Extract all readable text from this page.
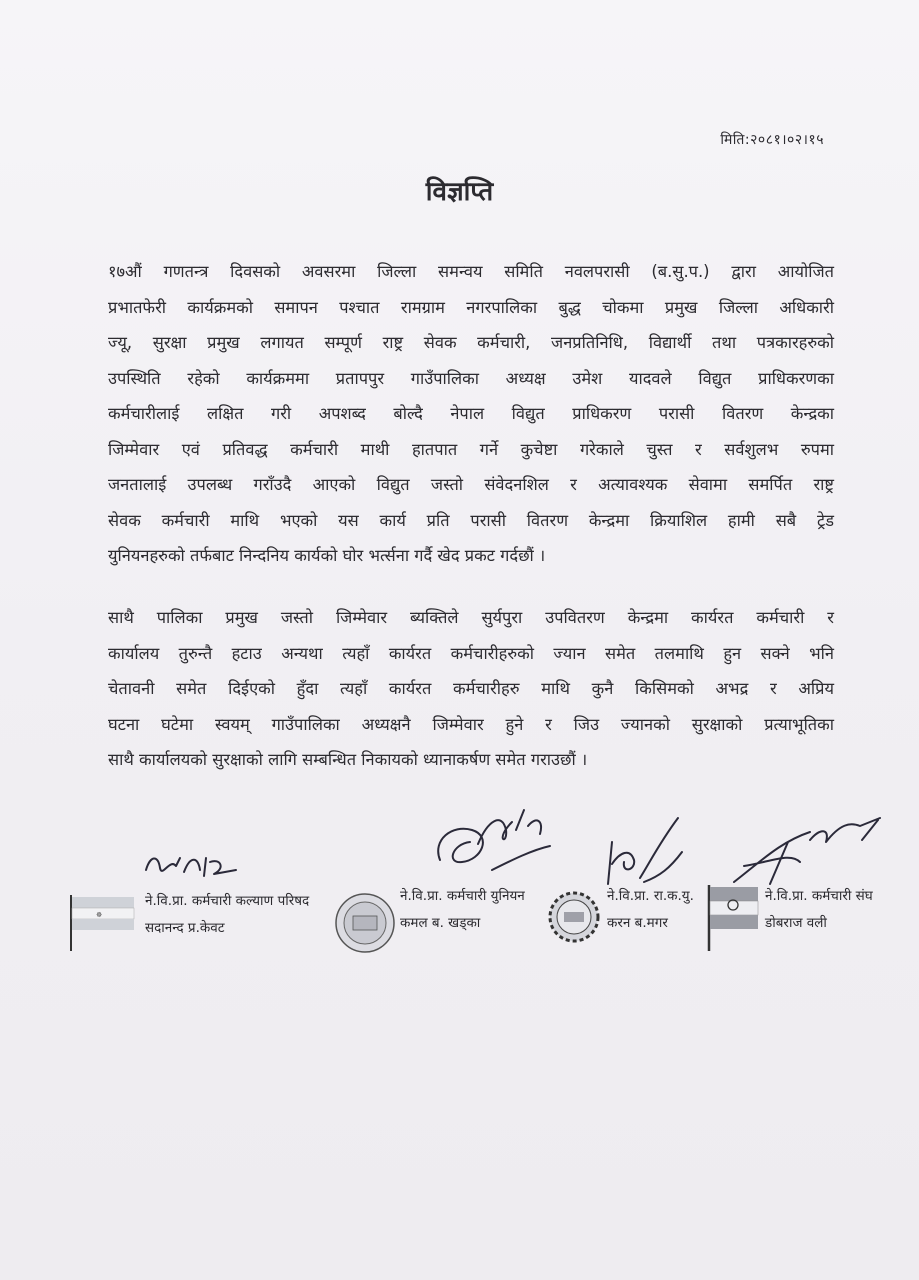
मिति:२०८१।०२।१५
विज्ञप्ति
१७औं गणतन्त्र दिवसको अवसरमा जिल्ला समन्वय समिति नवलपरासी (ब.सु.प.) द्वारा आयोजित
प्रभातफेरी कार्यक्रमको समापन पश्चात रामग्राम नगरपालिका बुद्ध चोकमा प्रमुख जिल्ला अधिकारी
ज्यू, सुरक्षा प्रमुख लगायत सम्पूर्ण राष्ट्र सेवक कर्मचारी, जनप्रतिनिधि, विद्यार्थी तथा पत्रकारहरुको
उपस्थिति रहेको कार्यक्रममा प्रतापपुर गाउँपालिका अध्यक्ष उमेश यादवले विद्युत प्राधिकरणका
कर्मचारीलाई लक्षित गरी अपशब्द बोल्दै नेपाल विद्युत प्राधिकरण परासी वितरण केन्द्रका
जिम्मेवार एवं प्रतिवद्ध कर्मचारी माथी हातपात गर्ने कुचेष्टा गरेकाले चुस्त र सर्वशुलभ रुपमा
जनतालाई उपलब्ध गराँउदै आएको विद्युत जस्तो संवेदनशिल र अत्यावश्यक सेवामा समर्पित राष्ट्र
सेवक कर्मचारी माथि भएको यस कार्य प्रति परासी वितरण केन्द्रमा क्रियाशिल हामी सबै ट्रेड
युनियनहरुको तर्फबाट निन्दनिय कार्यको घोर भर्त्सना गर्दै खेद प्रकट गर्दछौं ।
साथै पालिका प्रमुख जस्तो जिम्मेवार ब्यक्तिले सुर्यपुरा उपवितरण केन्द्रमा कार्यरत कर्मचारी र
कार्यालय तुरुन्तै हटाउ अन्यथा त्यहाँ कार्यरत कर्मचारीहरुको ज्यान समेत तलमाथि हुन सक्ने भनि
चेतावनी समेत दिईएको हुँदा त्यहाँ कार्यरत कर्मचारीहरु माथि कुनै किसिमको अभद्र र अप्रिय
घटना घटेमा स्वयम् गाउँपालिका अध्यक्षनै जिम्मेवार हुने र जिउ ज्यानको सुरक्षाको प्रत्याभूतिका
साथै कार्यालयको सुरक्षाको लागि सम्बन्धित निकायको ध्यानाकर्षण समेत गराउछौं ।
☸
ने.वि.प्रा. कर्मचारी कल्याण परिषद
सदानन्द प्र.केवट
ने.वि.प्रा. कर्मचारी युनियन
कमल ब. खड्का
ने.वि.प्रा. रा.क.यु.
करन ब.मगर
ने.वि.प्रा. कर्मचारी संघ
डोबराज वली
